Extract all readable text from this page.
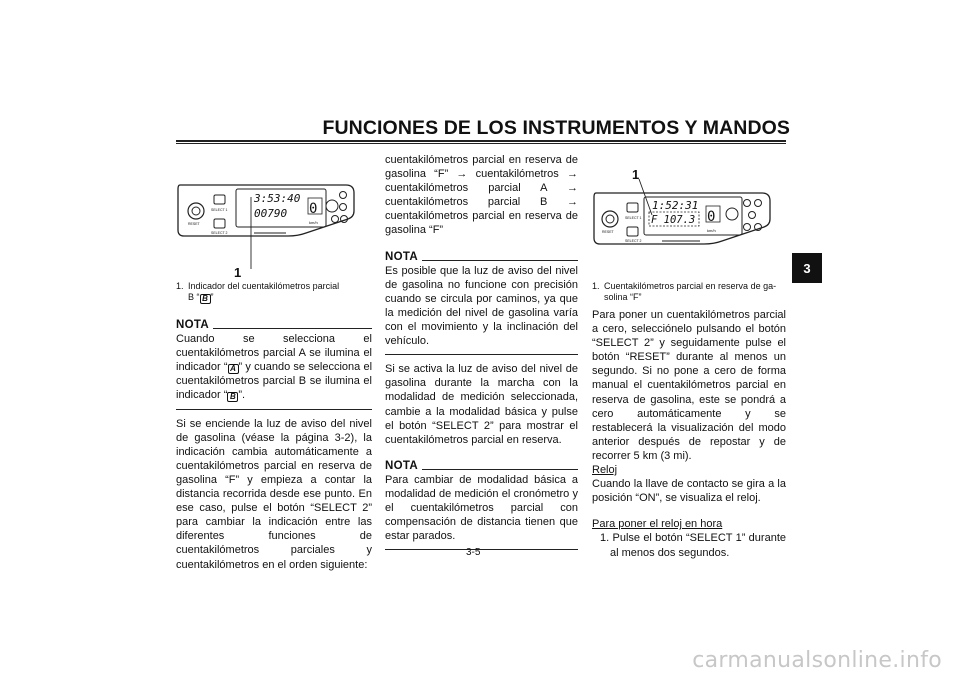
FUNCIONES DE LOS INSTRUMENTOS Y MANDOS
3
3:53:40
00790 0
km/h
SELECT 1
SELECT 2
RESET
1
1. Indicador del cuentakilómetros parcial
B “ B ”
NOTA
Cuando se selecciona el cuentakilómetros parcial A se ilumina el indicador “ A ” y cuando se selecciona el cuentakilómetros parcial B se ilumina el indicador “ B ”.
Si se enciende la luz de aviso del nivel de gasolina (véase la página 3-2), la indicación cambia automáticamente a cuentakilómetros parcial en reserva de gasolina “F” y empieza a contar la distancia recorrida desde ese punto. En ese caso, pulse el botón “SELECT 2” para cambiar la indicación entre las diferentes funciones de cuentakilómetros parciales y cuentakilómetros en el orden siguiente:
cuentakilómetros parcial en reserva de gasolina “F” → cuentakilómetros → cuentakilómetros parcial A → cuentakilómetros parcial B → cuentakilómetros parcial en reserva de gasolina “F”
NOTA
Es posible que la luz de aviso del nivel de gasolina no funcione con precisión cuando se circula por caminos, ya que la medición del nivel de gasolina varía con el movimiento y la inclinación del vehículo.
Si se activa la luz de aviso del nivel de gasolina durante la marcha con la modalidad de medición seleccionada, cambie a la modalidad básica y pulse el botón “SELECT 2” para mostrar el cuentakilómetros parcial en reserva.
NOTA
Para cambiar de modalidad básica a modalidad de medición el cronómetro y el cuentakilómetros parcial con compensación de distancia tienen que estar parados.
1
1:52:31
F 107.3 0
km/h
SELECT 1
SELECT 2
RESET
1. Cuentakilómetros parcial en reserva de ga-
solina “F”
Para poner un cuentakilómetros parcial a cero, selecciónelo pulsando el botón “SELECT 2” y seguidamente pulse el botón “RESET” durante al menos un segundo. Si no pone a cero de forma manual el cuentakilómetros parcial en reserva de gasolina, este se pondrá a cero automáticamente y se restablecerá la visualización del modo anterior después de repostar y de recorrer 5 km (3 mi).
Reloj
Cuando la llave de contacto se gira a la posición “ON”, se visualiza el reloj.
Para poner el reloj en hora
1. Pulse el botón “SELECT 1” durante al menos dos segundos.
3-5
carmanualsonline.info
